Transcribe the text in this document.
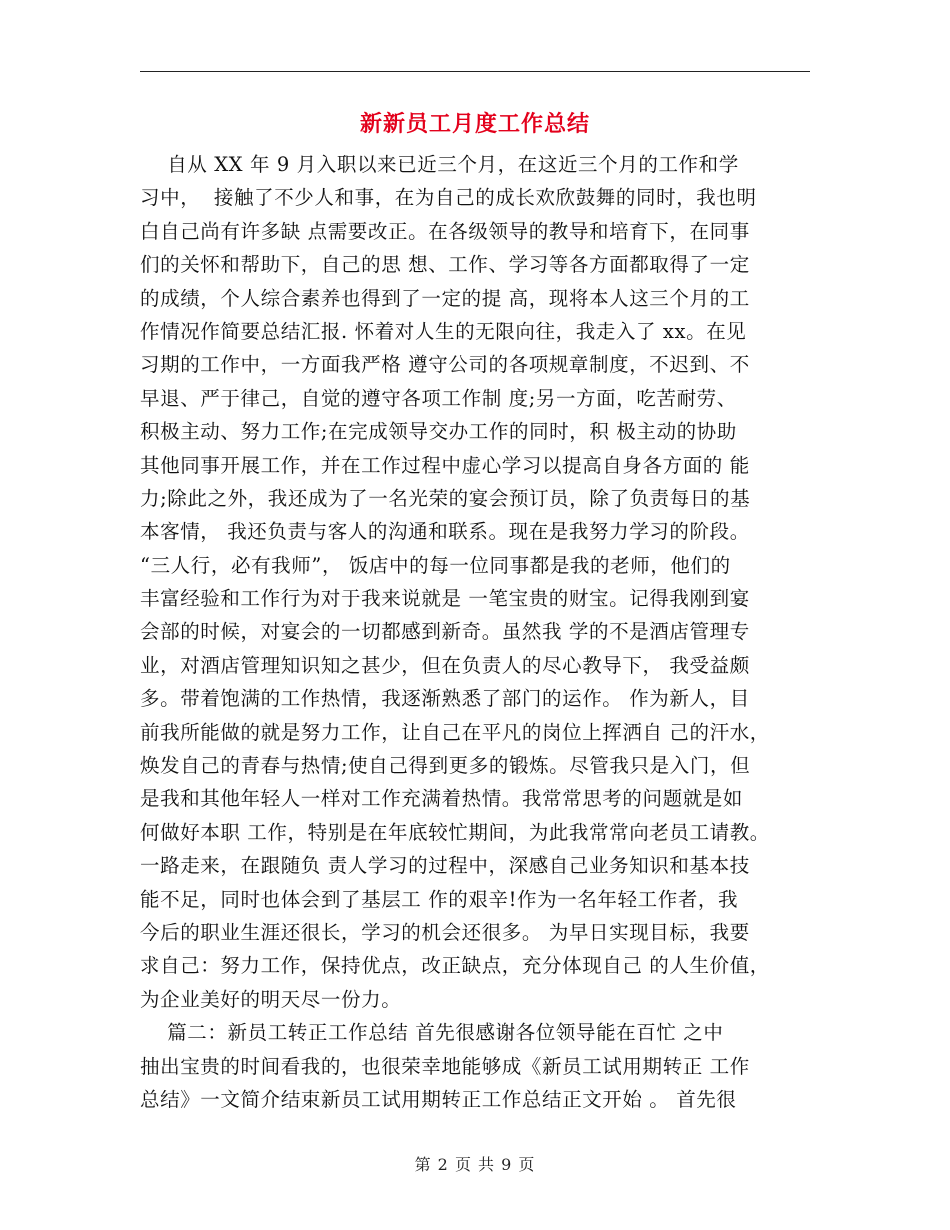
新新员工月度工作总结
自从 XX 年 9 月入职以来已近三个月，在这近三个月的工作和学
习中，  接触了不少人和事，在为自己的成长欢欣鼓舞的同时，我也明
白自己尚有许多缺 点需要改正。在各级领导的教导和培育下，在同事
们的关怀和帮助下，自己的思 想、工作、学习等各方面都取得了一定
的成绩，个人综合素养也得到了一定的提 高，现将本人这三个月的工
作情况作简要总结汇报. 怀着对人生的无限向往，我走入了 xx。在见
习期的工作中，一方面我严格 遵守公司的各项规章制度，不迟到、不
早退、严于律己，自觉的遵守各项工作制 度;另一方面，吃苦耐劳、
积极主动、努力工作;在完成领导交办工作的同时，积 极主动的协助
其他同事开展工作，并在工作过程中虚心学习以提高自身各方面的 能
力;除此之外，我还成为了一名光荣的宴会预订员，除了负责每日的基
本客情， 我还负责与客人的沟通和联系。现在是我努力学习的阶段。
“三人行，必有我师”， 饭店中的每一位同事都是我的老师，他们的
丰富经验和工作行为对于我来说就是 一笔宝贵的财宝。记得我刚到宴
会部的时候，对宴会的一切都感到新奇。虽然我 学的不是酒店管理专
业，对酒店管理知识知之甚少，但在负责人的尽心教导下， 我受益颇
多。带着饱满的工作热情，我逐渐熟悉了部门的运作。 作为新人，目
前我所能做的就是努力工作，让自己在平凡的岗位上挥洒自 己的汗水，
焕发自己的青春与热情;使自己得到更多的锻炼。尽管我只是入门，但
是我和其他年轻人一样对工作充满着热情。我常常思考的问题就是如
何做好本职 工作，特别是在年底较忙期间，为此我常常向老员工请教。
一路走来，在跟随负 责人学习的过程中，深感自己业务知识和基本技
能不足，同时也体会到了基层工 作的艰辛!作为一名年轻工作者，我
今后的职业生涯还很长，学习的机会还很多。 为早日实现目标，我要
求自己：努力工作，保持优点，改正缺点，充分体现自己 的人生价值，
为企业美好的明天尽一份力。
篇二：新员工转正工作总结 首先很感谢各位领导能在百忙 之中
抽出宝贵的时间看我的，也很荣幸地能够成《新员工试用期转正 工作
总结》一文简介结束新员工试用期转正工作总结正文开始 。 首先很
第 2 页 共 9 页
